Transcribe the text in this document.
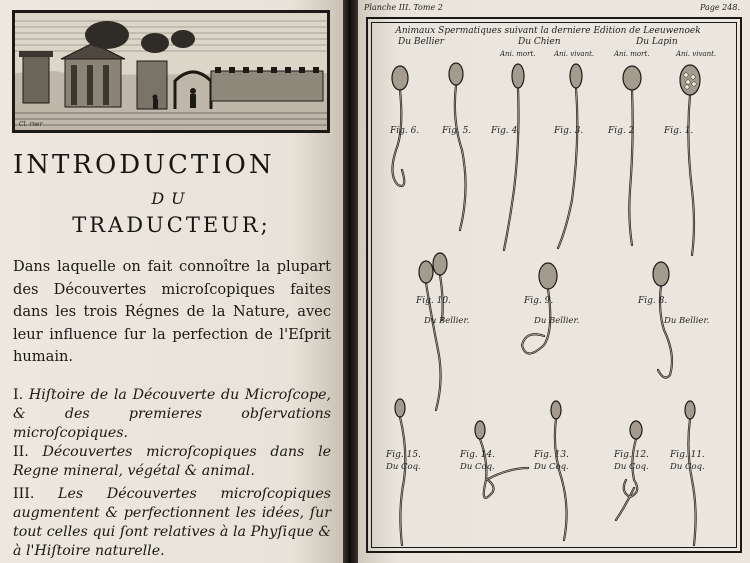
Cl. rner
INTRODUCTION
DU
TRADUCTEUR;
Dans laquelle on fait connoître la plupart des Découvertes microſcopiques faites dans les trois Régnes de la Nature, avec leur influence ſur la perfection de l'Eſprit humain.
I. Hiſtoire de la Découverte du Microſcope, & des premieres obſervations microſcopiques.
II. Découvertes microſcopiques dans le Regne mineral, végétal & animal.
III. Les Découvertes microſcopiques augmentent & perfectionnent les idées, ſur tout celles qui ſont relatives à la Phyſique & à l'Hiſtoire naturelle.
Planche III. Tome 2	Page 248.
Animaux Spermatiques suivant la derniere Edition de Leeuwenoek
Du Bellier	Du Chien	Du Lapin
Ani. mort.	Ani. vivant.	Ani. mort.	Ani. vivant.
Fig. 6.	Fig. 5. Fig. 4.	Fig. 3.	Fig. 2	Fig. 1.
Fig. 10.
Du Bellier.
Fig. 9.
Du Bellier.
Fig. 8.
Du Bellier.
Fig. 15.
Du Coq.
Fig. 14.
Du Coq.
Fig. 13.
Du Coq.
Fig. 12.
Du Coq.
Fig. 11.
Du Coq.
